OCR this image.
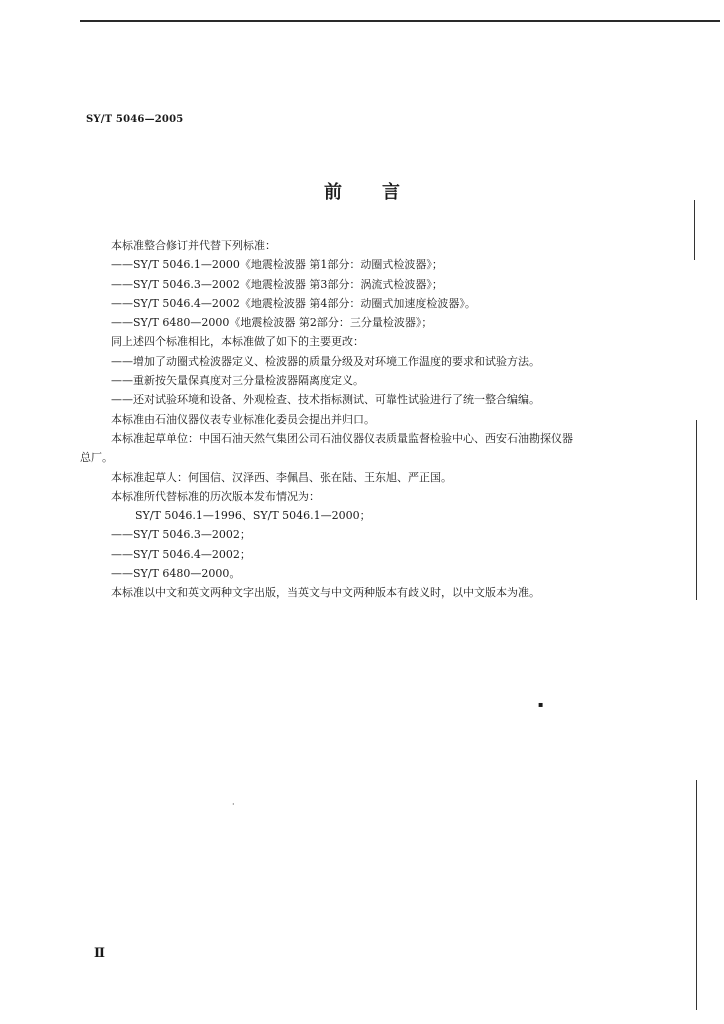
SY/T 5046—2005
前言
本标准整合修订并代替下列标准：
——SY/T 5046.1—2000《地震检波器 第1部分：动圈式检波器》；
——SY/T 5046.3—2002《地震检波器 第3部分：涡流式检波器》；
——SY/T 5046.4—2002《地震检波器 第4部分：动圈式加速度检波器》。
——SY/T 6480—2000《地震检波器 第2部分：三分量检波器》；
同上述四个标准相比，本标准做了如下的主要更改：
——增加了动圈式检波器定义、检波器的质量分级及对环境工作温度的要求和试验方法。
——重新按矢量保真度对三分量检波器隔离度定义。
——还对试验环境和设备、外观检查、技术指标测试、可靠性试验进行了统一整合编编。
本标准由石油仪器仪表专业标准化委员会提出并归口。
本标准起草单位：中国石油天然气集团公司石油仪器仪表质量监督检验中心、西安石油勘探仪器
总厂。
本标准起草人：何国信、汉泽西、李佩昌、张在陆、王东旭、严正国。
本标准所代替标准的历次版本发布情况为：
SY/T 5046.1—1996、SY/T 5046.1—2000；
——SY/T 5046.3—2002；
——SY/T 5046.4—2002；
——SY/T 6480—2000。
本标准以中文和英文两种文字出版，当英文与中文两种版本有歧义时，以中文版本为准。
▪
·
Ⅱ
